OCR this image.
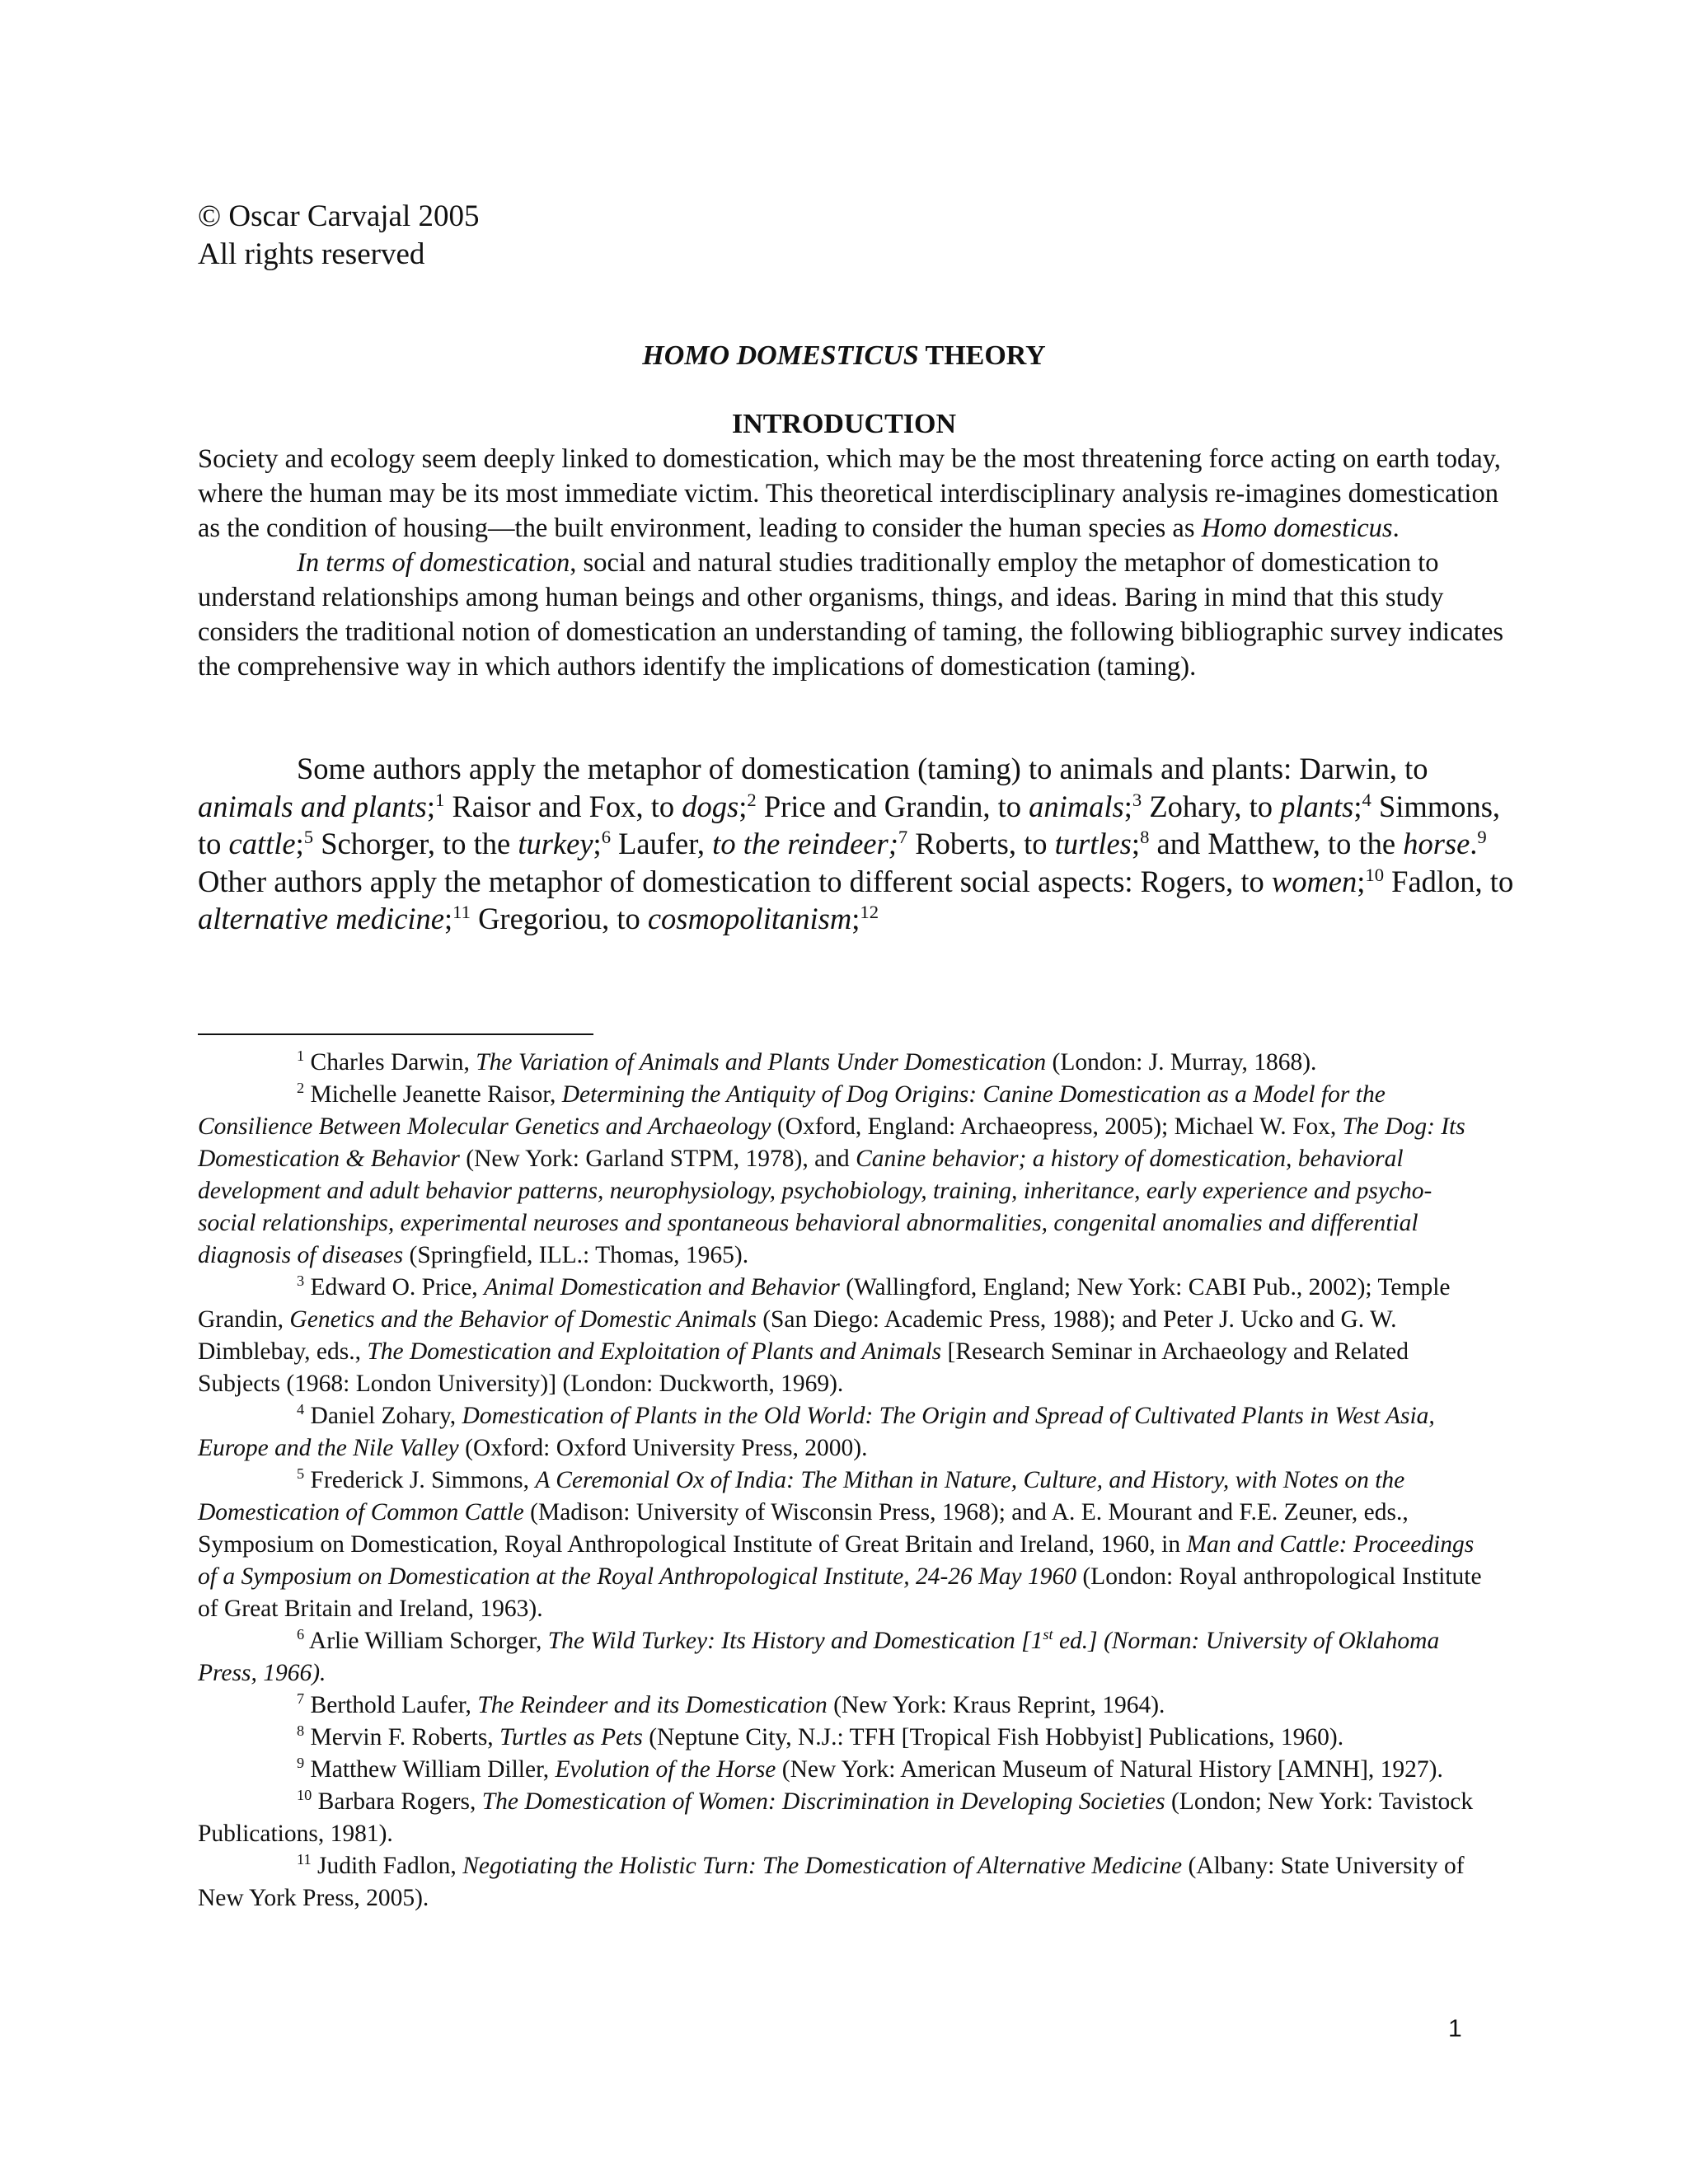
© Oscar Carvajal 2005
All rights reserved
HOMO DOMESTICUS THEORY
INTRODUCTION

Society and ecology seem deeply linked to domestication, which may be the most threatening force acting on earth today, where the human may be its most immediate victim. This theoretical interdisciplinary analysis re-imagines domestication as the condition of housing—the built environment, leading to consider the human species as Homo domesticus.

In terms of domestication, social and natural studies traditionally employ the metaphor of domestication to understand relationships among human beings and other organisms, things, and ideas. Baring in mind that this study considers the traditional notion of domestication an understanding of taming, the following bibliographic survey indicates the comprehensive way in which authors identify the implications of domestication (taming).

Some authors apply the metaphor of domestication (taming) to animals and plants: Darwin, to animals and plants;$^1$ Raisor and Fox, to dogs;$^2$ Price and Grandin, to animals;$^3$ Zohary, to plants;$^4$ Simmons, to cattle;$^5$ Schorger, to the turkey;$^6$ Laufer, to the reindeer;$^7$ Roberts, to turtles;$^8$ and Matthew, to the horse.$^9$ Other authors apply the metaphor of domestication to different social aspects: Rogers, to women;$^{10}$ Fadlon, to alternative medicine;$^{11}$ Gregoriou, to cosmopolitanism;$^{12}$

$^1$ Charles Darwin, The Variation of Animals and Plants Under Domestication (London: J. Murray, 1868).

$^2$ Michelle Jeanette Raisor, Determining the Antiquity of Dog Origins: Canine Domestication as a Model for the Consilience Between Molecular Genetics and Archaeology (Oxford, England: Archaeopress, 2005); Michael W. Fox, The Dog: Its Domestication & Behavior (New York: Garland STPM, 1978), and Canine behavior; a history of domestication, behavioral development and adult behavior patterns, neurophysiology, psychobiology, training, inheritance, early experience and psycho-social relationships, experimental neuroses and spontaneous behavioral abnormalities, congenital anomalies and differential diagnosis of diseases (Springfield, ILL.: Thomas, 1965).

$^3$ Edward O. Price, Animal Domestication and Behavior (Wallingford, England; New York: CABI Pub., 2002); Temple Grandin, Genetics and the Behavior of Domestic Animals (San Diego: Academic Press, 1988); and Peter J. Ucko and G. W. Dimblebay, eds., The Domestication and Exploitation of Plants and Animals [Research Seminar in Archaeology and Related Subjects (1968: London University)] (London: Duckworth, 1969).

$^4$ Daniel Zohary, Domestication of Plants in the Old World: The Origin and Spread of Cultivated Plants in West Asia, Europe and the Nile Valley (Oxford: Oxford University Press, 2000).

$^5$ Frederick J. Simmons, A Ceremonial Ox of India: The Mithan in Nature, Culture, and History, with Notes on the Domestication of Common Cattle (Madison: University of Wisconsin Press, 1968); and A. E. Mourant and F.E. Zeuner, eds., Symposium on Domestication, Royal Anthropological Institute of Great Britain and Ireland, 1960, in Man and Cattle: Proceedings of a Symposium on Domestication at the Royal Anthropological Institute, 24-26 May 1960 (London: Royal anthropological Institute of Great Britain and Ireland, 1963).

$^6$ Arlie William Schorger, The Wild Turkey: Its History and Domestication [1st ed.] (Norman: University of Oklahoma Press, 1966).

$^7$ Berthold Laufer, The Reindeer and its Domestication (New York: Kraus Reprint, 1964).

$^8$ Mervin F. Roberts, Turtles as Pets (Neptune City, N.J.: TFH [Tropical Fish Hobbyist] Publications, 1960).

$^9$ Matthew William Diller, Evolution of the Horse (New York: American Museum of Natural History [AMNH], 1927).

$^{10}$ Barbara Rogers, The Domestication of Women: Discrimination in Developing Societies (London; New York: Tavistock Publications, 1981).

$^{11}$ Judith Fadlon, Negotiating the Holistic Turn: The Domestication of Alternative Medicine (Albany: State University of New York Press, 2005).

1
